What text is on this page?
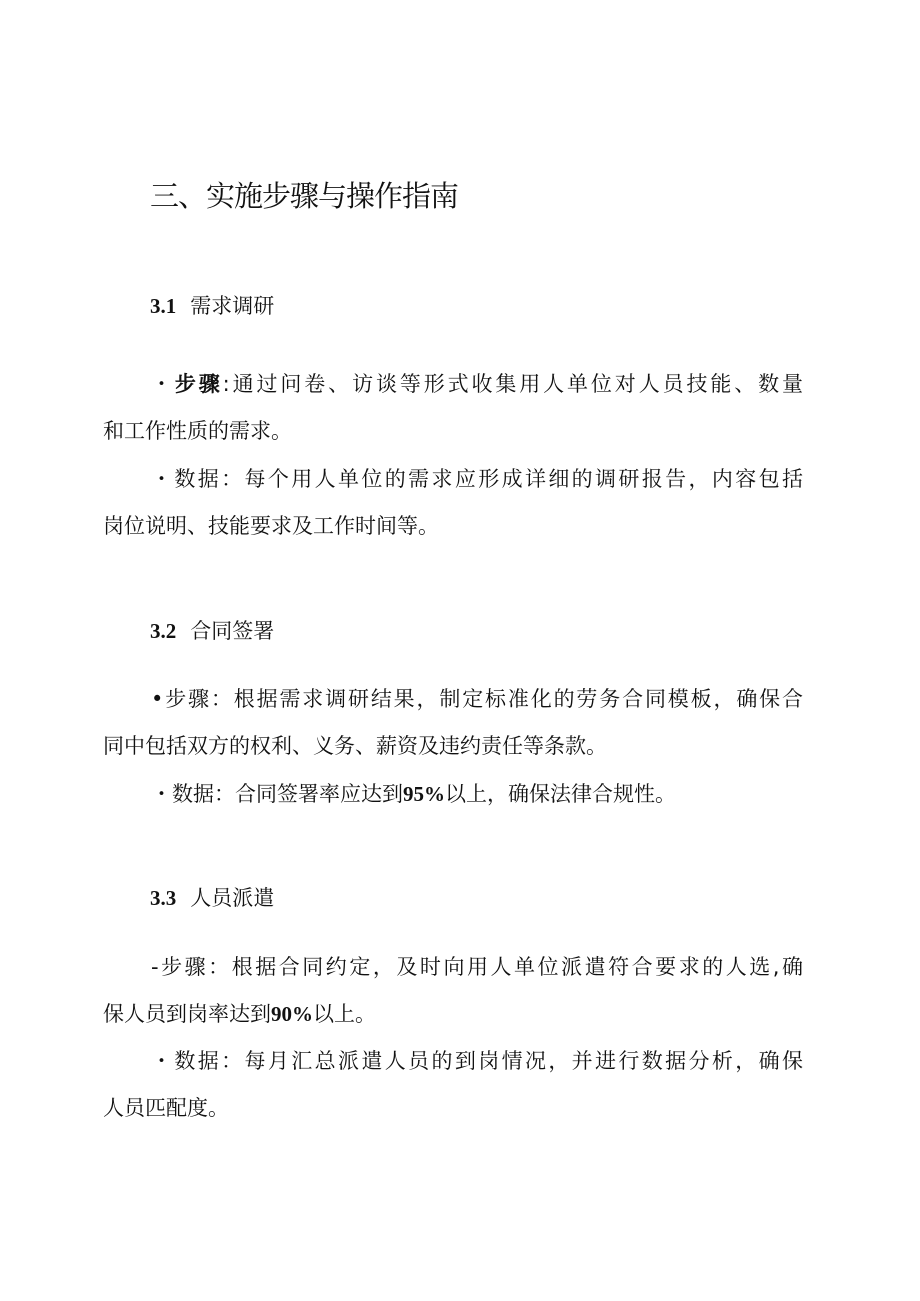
三、实施步骤与操作指南
3.1 需求调研
・步骤:通过问卷、访谈等形式收集用人单位对人员技能、数量
和工作性质的需求。
・数据：每个用人单位的需求应形成详细的调研报告，内容包括
岗位说明、技能要求及工作时间等。
3.2 合同签署
•步骤：根据需求调研结果，制定标准化的劳务合同模板，确保合
同中包括双方的权利、义务、薪资及违约责任等条款。
・数据：合同签署率应达到95%以上，确保法律合规性。
3.3 人员派遣
-步骤：根据合同约定，及时向用人单位派遣符合要求的人选,确
保人员到岗率达到90%以上。
・数据：每月汇总派遣人员的到岗情况，并进行数据分析，确保
人员匹配度。
